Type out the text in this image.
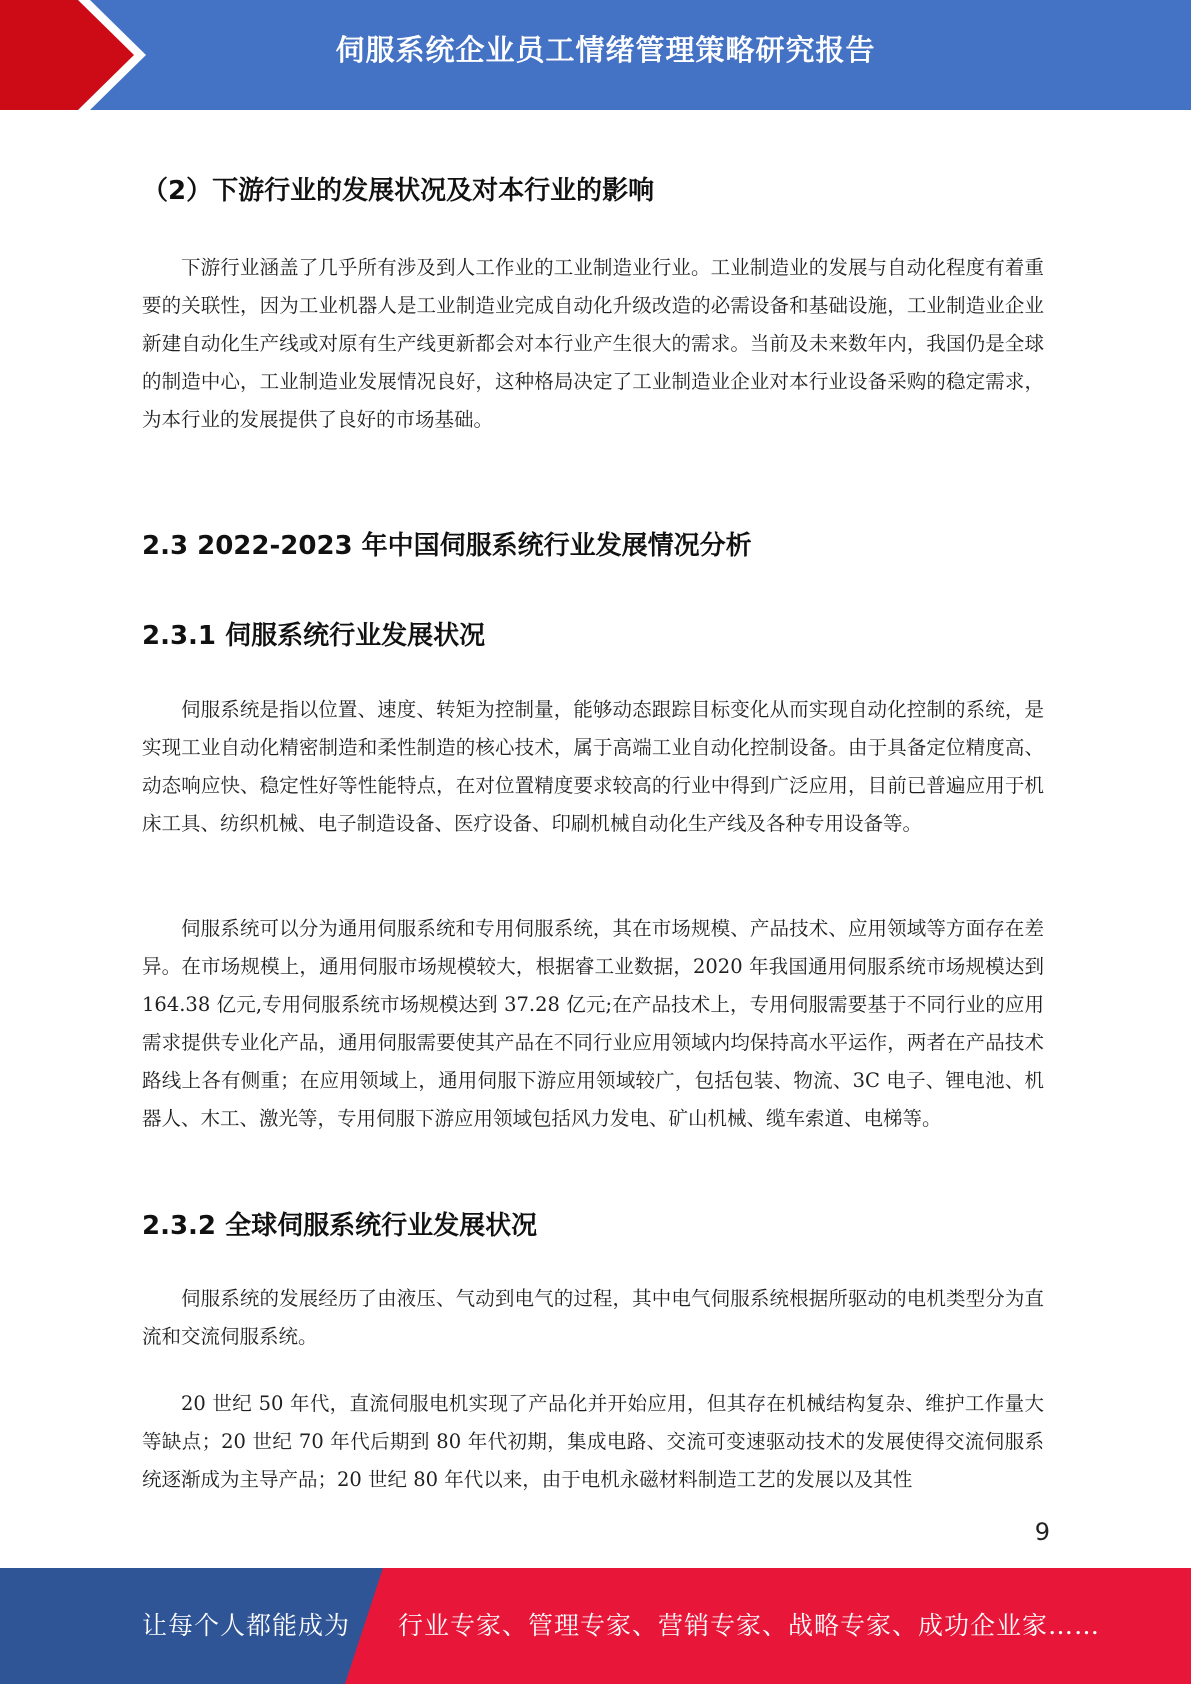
伺服系统企业员工情绪管理策略研究报告
（2）下游行业的发展状况及对本行业的影响

下游行业涵盖了几乎所有涉及到人工作业的工业制造业行业。工业制造业的发展与自动化程度有着重要的关联性，因为工业机器人是工业制造业完成自动化升级改造的必需设备和基础设施，工业制造业企业新建自动化生产线或对原有生产线更新都会对本行业产生很大的需求。当前及未来数年内，我国仍是全球的制造中心，工业制造业发展情况良好，这种格局决定了工业制造业企业对本行业设备采购的稳定需求，为本行业的发展提供了良好的市场基础。

2.3 2022-2023 年中国伺服系统行业发展情况分析
2.3.1 伺服系统行业发展状况

伺服系统是指以位置、速度、转矩为控制量，能够动态跟踪目标变化从而实现自动化控制的系统，是实现工业自动化精密制造和柔性制造的核心技术，属于高端工业自动化控制设备。由于具备定位精度高、动态响应快、稳定性好等性能特点，在对位置精度要求较高的行业中得到广泛应用，目前已普遍应用于机床工具、纺织机械、电子制造设备、医疗设备、印刷机械自动化生产线及各种专用设备等。

伺服系统可以分为通用伺服系统和专用伺服系统，其在市场规模、产品技术、应用领域等方面存在差异。在市场规模上，通用伺服市场规模较大，根据睿工业数据，2020 年我国通用伺服系统市场规模达到 164.38 亿元,专用伺服系统市场规模达到 37.28 亿元;在产品技术上，专用伺服需要基于不同行业的应用需求提供专业化产品，通用伺服需要使其产品在不同行业应用领域内均保持高水平运作，两者在产品技术路线上各有侧重；在应用领域上，通用伺服下游应用领域较广，包括包装、物流、3C 电子、锂电池、机器人、木工、激光等，专用伺服下游应用领域包括风力发电、矿山机械、缆车索道、电梯等。

2.3.2 全球伺服系统行业发展状况

伺服系统的发展经历了由液压、气动到电气的过程，其中电气伺服系统根据所驱动的电机类型分为直流和交流伺服系统。

20 世纪 50 年代，直流伺服电机实现了产品化并开始应用，但其存在机械结构复杂、维护工作量大等缺点；20 世纪 70 年代后期到 80 年代初期，集成电路、交流可变速驱动技术的发展使得交流伺服系统逐渐成为主导产品；20 世纪 80 年代以来，由于电机永磁材料制造工艺的发展以及其性

9
让每个人都能成为 行业专家、管理专家、营销专家、战略专家、成功企业家……
